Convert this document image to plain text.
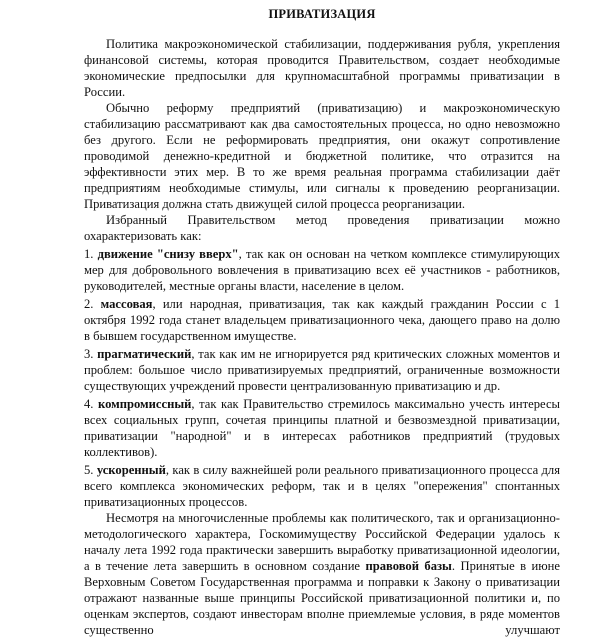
ПРИВАТИЗАЦИЯ

Политика макроэкономической стабилизации, поддерживания рубля, укрепления финансовой системы, которая проводится Правительством, создает необходимые экономические предпосылки для крупномасштабной программы приватизации в России.

Обычно реформу предприятий (приватизацию) и макроэкономическую стабилизацию рассматривают как два самостоятельных процесса, но одно невозможно без другого. Если не реформировать предприятия, они окажут сопротивление проводимой денежно-кредитной и бюджетной политике, что отразится на эффективности этих мер. В то же время реальная программа стабилизации даёт предприятиям необходимые стимулы, или сигналы к проведению реорганизации. Приватизация должна стать движущей силой процесса реорганизации.

Избранный Правительством метод проведения приватизации можно охарактеризовать как:

1. движение "снизу вверх", так как он основан на четком комплексе стимулирующих мер для добровольного вовлечения в приватизацию всех её участников - работников, руководителей, местные органы власти, население в целом.

2. массовая, или народная, приватизация, так как каждый гражданин России с 1 октября 1992 года станет владельцем приватизационного чека, дающего право на долю в бывшем государственном имуществе.

3. прагматический, так как им не игнорируется ряд критических сложных моментов и проблем: большое число приватизируемых предприятий, ограниченные возможности существующих учреждений провести централизованную приватизацию и др.

4. компромиссный, так как Правительство стремилось максимально учесть интересы всех социальных групп, сочетая принципы платной и безвозмездной приватизации, приватизации "народной" и в интересах работников предприятий (трудовых коллективов).

5. ускоренный, как в силу важнейшей роли реального приватизационного процесса для всего комплекса экономических реформ, так и в целях "опережения" спонтанных приватизационных процессов.

Несмотря на многочисленные проблемы как политического, так и организационно-методологического характера, Госкомимуществу Российской Федерации удалось к началу лета 1992 года практически завершить выработку приватизационной идеологии, а в течение лета завершить в основном создание правовой базы. Принятые в июне Верховным Советом Государственная программа и поправки к Закону о приватизации отражают названные выше принципы Российской приватизационной политики и, по оценкам экспертов, создают инвесторам вполне приемлемые условия, в ряде моментов существенно улучшают
